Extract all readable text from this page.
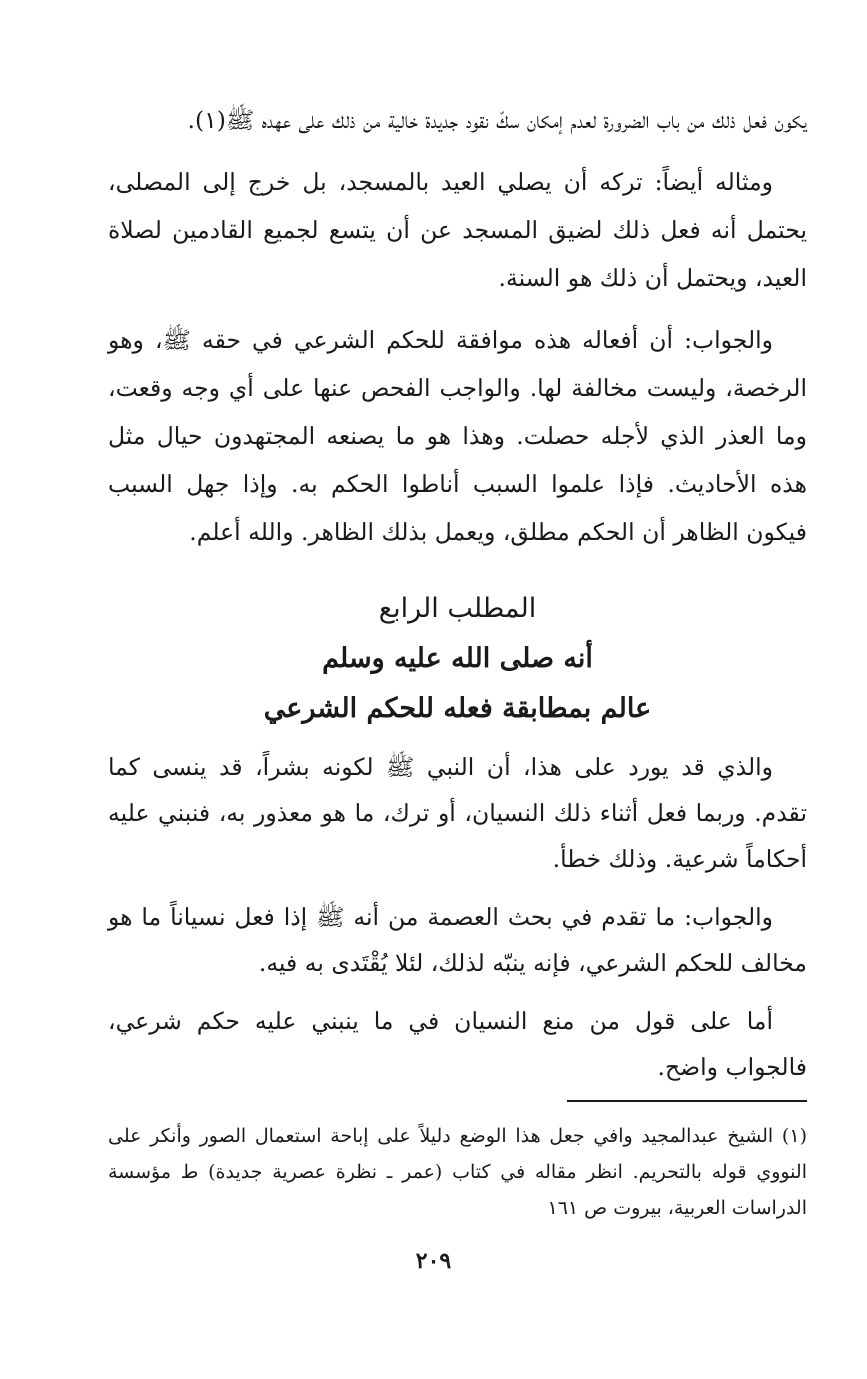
يكون فعل ذلك من باب الضرورة لعدم إمكان سكّ نقود جديدة خالية من ذلك على عهده ﷺ(١).

ومثاله أيضاً: تركه أن يصلي العيد بالمسجد، بل خرج إلى المصلى، يحتمل أنه فعل ذلك لضيق المسجد عن أن يتسع لجميع القادمين لصلاة العيد، ويحتمل أن ذلك هو السنة.

والجواب: أن أفعاله هذه موافقة للحكم الشرعي في حقه ﷺ، وهو الرخصة، وليست مخالفة لها. والواجب الفحص عنها على أي وجه وقعت، وما العذر الذي لأجله حصلت. وهذا هو ما يصنعه المجتهدون حيال مثل هذه الأحاديث. فإذا علموا السبب أناطوا الحكم به. وإذا جهل السبب فيكون الظاهر أن الحكم مطلق، ويعمل بذلك الظاهر. والله أعلم.

المطلب الرابع
أنه صلى الله عليه وسلم
عالم بمطابقة فعله للحكم الشرعي

والذي قد يورد على هذا، أن النبي ﷺ لكونه بشراً، قد ينسى كما تقدم. وربما فعل أثناء ذلك النسيان، أو ترك، ما هو معذور به، فنبني عليه أحكاماً شرعية. وذلك خطأ.

والجواب: ما تقدم في بحث العصمة من أنه ﷺ إذا فعل نسياناً ما هو مخالف للحكم الشرعي، فإنه ينبّه لذلك، لئلا يُقْتَدى به فيه.

أما على قول من منع النسيان في ما ينبني عليه حكم شرعي، فالجواب واضح.

(١) الشيخ عبدالمجيد وافي جعل هذا الوضع دليلاً على إباحة استعمال الصور وأنكر على النووي قوله بالتحريم. انظر مقاله في كتاب (عمر ـ نظرة عصرية جديدة) ط مؤسسة الدراسات العربية، بيروت ص ١٦١

٢٠٩
